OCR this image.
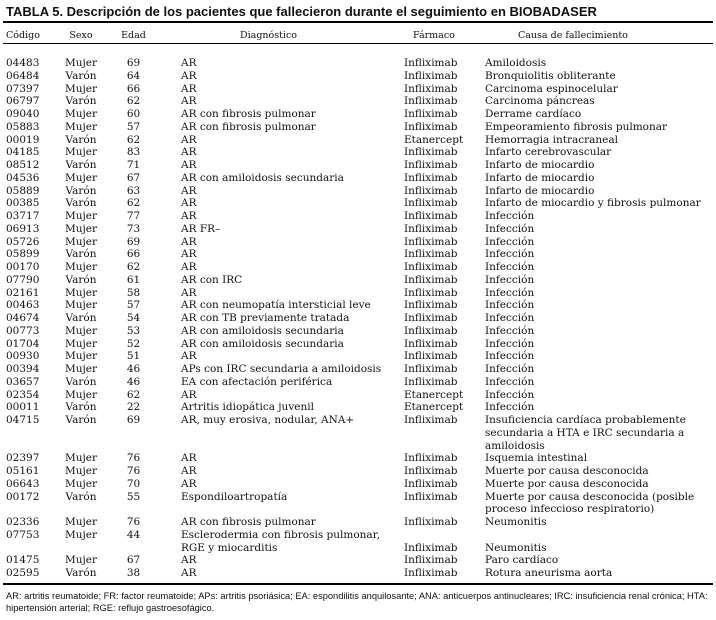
TABLA 5. Descripción de los pacientes que fallecieron durante el seguimiento en BIOBADASER
Código	Sexo	Edad	Diagnóstico	Fármaco	Causa de fallecimiento
04483	Mujer	69	AR	Infliximab	Amiloidosis
06484	Varón	64	AR	Infliximab	Bronquiolitis obliterante
07397	Mujer	66	AR	Infliximab	Carcinoma espinocelular
06797	Varón	62	AR	Infliximab	Carcinoma páncreas
09040	Mujer	60	AR con fibrosis pulmonar	Infliximab	Derrame cardíaco
05883	Mujer	57	AR con fibrosis pulmonar	Infliximab	Empeoramiento fibrosis pulmonar
00019	Varón	62	AR	Etanercept	Hemorragia intracraneal
04185	Mujer	83	AR	Infliximab	Infarto cerebrovascular
08512	Varón	71	AR	Infliximab	Infarto de miocardio
04536	Mujer	67	AR con amiloidosis secundaria	Infliximab	Infarto de miocardio
05889	Varón	63	AR	Infliximab	Infarto de miocardio
00385	Varón	62	AR	Infliximab	Infarto de miocardio y fibrosis pulmonar
03717	Mujer	77	AR	Infliximab	Infección
06913	Mujer	73	AR FR–	Infliximab	Infección
05726	Mujer	69	AR	Infliximab	Infección
05899	Varón	66	AR	Infliximab	Infección
00170	Mujer	62	AR	Infliximab	Infección
07790	Varón	61	AR con IRC	Infliximab	Infección
02161	Mujer	58	AR	Infliximab	Infección
00463	Mujer	57	AR con neumopatía intersticial leve	Infliximab	Infección
04674	Varón	54	AR con TB previamente tratada	Infliximab	Infección
00773	Mujer	53	AR con amiloidosis secundaria	Infliximab	Infección
01704	Mujer	52	AR con amiloidosis secundaria	Infliximab	Infección
00930	Mujer	51	AR	Infliximab	Infección
00394	Mujer	46	APs con IRC secundaria a amiloidosis	Infliximab	Infección
03657	Varón	46	EA con afectación periférica	Infliximab	Infección
02354	Mujer	62	AR	Etanercept	Infección
00011	Varón	22	Artritis idiopática juvenil	Etanercept	Infección
04715	Varón	69	AR, muy erosiva, nodular, ANA+	Infliximab	Insuficiencia cardíaca probablemente secundaria a HTA e IRC secundaria a amiloidosis
02397	Mujer	76	AR	Infliximab	Isquemia intestinal
05161	Mujer	76	AR	Infliximab	Muerte por causa desconocida
06643	Mujer	70	AR	Infliximab	Muerte por causa desconocida
00172	Varón	55	Espondiloartropatía	Infliximab	Muerte por causa desconocida (posible proceso infeccioso respiratorio)
02336	Mujer	76	AR con fibrosis pulmonar	Infliximab	Neumonitis
07753	Mujer	44	Esclerodermia con fibrosis pulmonar, RGE y miocarditis	Infliximab	Neumonitis
01475	Mujer	67	AR	Infliximab	Paro cardíaco
02595	Varón	38	AR	Infliximab	Rotura aneurisma aorta
AR: artritis reumatoide; FR: factor reumatoide; APs: artritis psoriásica; EA: espondilitis anquilosante; ANA: anticuerpos antinucleares; IRC: insuficiencia renal crónica; HTA: hipertensión arterial; RGE: reflujo gastroesofágico.
